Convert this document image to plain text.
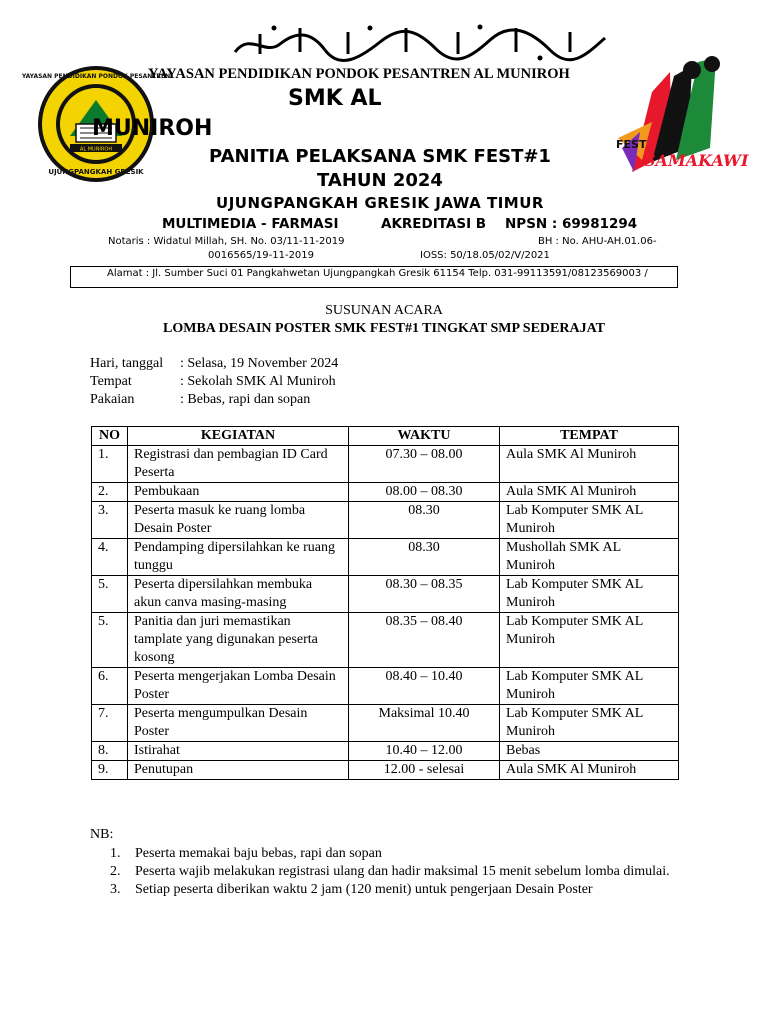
AL MUNIROH
YAYASAN PENDIDIKAN PONDOK PESANTREN
UJUNGPANGKAH GRESIK
FEST
SAMAKAWI
YAYASAN PENDIDIKAN PONDOK PESANTREN AL MUNIROH
SMK AL
MUNIROH
PANITIA PELAKSANA SMK FEST#1
TAHUN 2024
UJUNGPANGKAH GRESIK JAWA TIMUR
MULTIMEDIA - FARMASI	AKREDITASI B NPSN : 69981294
Notaris : Widatul Millah, SH. No. 03/11-11-2019	BH : No. AHU-AH.01.06-
0016565/19-11-2019	IOSS: 50/18.05/02/V/2021
Alamat : Jl. Sumber Suci 01 Pangkahwetan Ujungpangkah Gresik 61154 Telp. 031-99113591/08123569003 /
SUSUNAN ACARA
LOMBA DESAIN POSTER SMK FEST#1 TINGKAT SMP SEDERAJAT
Hari, tanggal	: Selasa, 19 November 2024
Tempat	: Sekolah SMK Al Muniroh
Pakaian	: Bebas, rapi dan sopan
NO	KEGIATAN	WAKTU	TEMPAT
1.	Registrasi dan pembagian ID Card Peserta	07.30 – 08.00	Aula SMK Al Muniroh
2.	Pembukaan	08.00 – 08.30	Aula SMK Al Muniroh
3.	Peserta masuk ke ruang lomba Desain Poster	08.30	Lab Komputer SMK AL Muniroh
4.	Pendamping dipersilahkan ke ruang tunggu	08.30	Mushollah SMK AL Muniroh
5.	Peserta dipersilahkan membuka akun canva masing-masing	08.30 – 08.35	Lab Komputer SMK AL Muniroh
5.	Panitia dan juri memastikan tamplate yang digunakan peserta kosong	08.35 – 08.40	Lab Komputer SMK AL Muniroh
6.	Peserta mengerjakan Lomba Desain Poster	08.40 – 10.40	Lab Komputer SMK AL Muniroh
7.	Peserta mengumpulkan Desain Poster	Maksimal 10.40	Lab Komputer SMK AL Muniroh
8.	Istirahat	10.40 – 12.00	Bebas
9.	Penutupan	12.00 - selesai	Aula SMK Al Muniroh
NB:
1. Peserta memakai baju bebas, rapi dan sopan
2. Peserta wajib melakukan registrasi ulang dan hadir maksimal 15 menit sebelum lomba dimulai.
3. Setiap peserta diberikan waktu 2 jam (120 menit) untuk pengerjaan Desain Poster
